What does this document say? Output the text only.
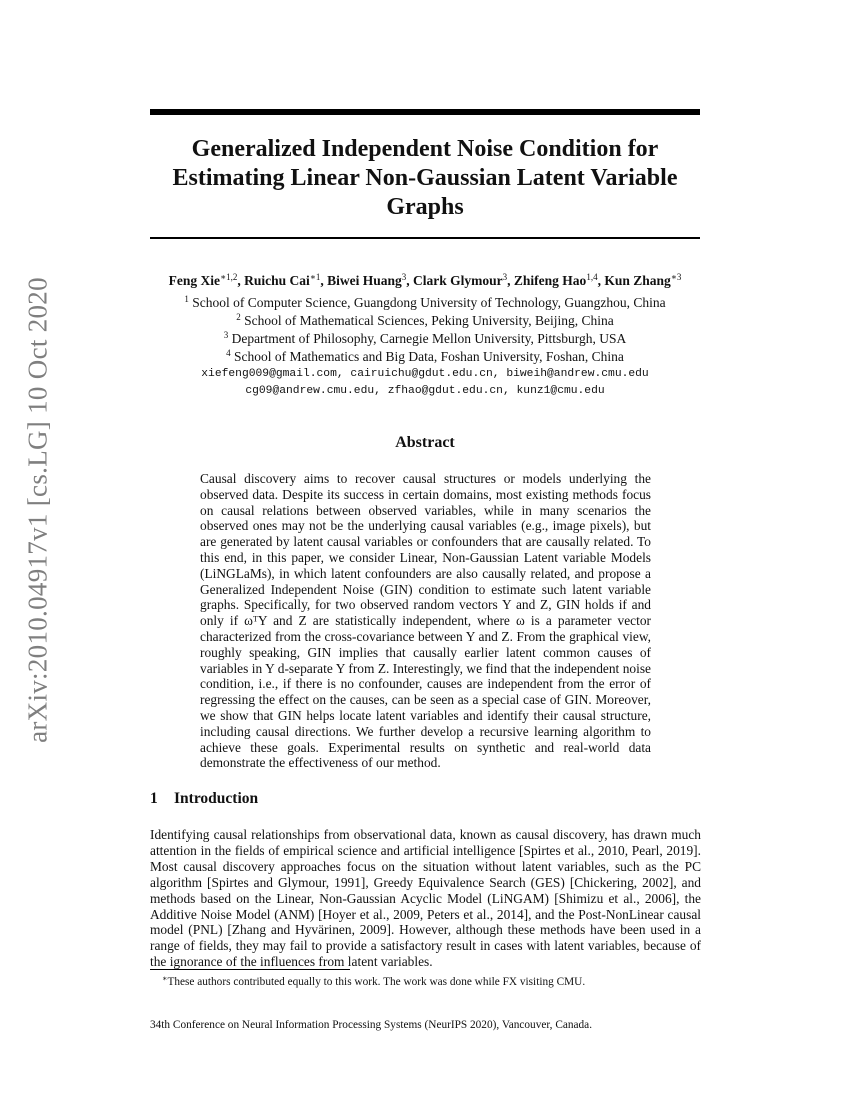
arXiv:2010.04917v1 [cs.LG] 10 Oct 2020
Generalized Independent Noise Condition for Estimating Linear Non-Gaussian Latent Variable Graphs
Feng Xie$^{∗1,2}$, Ruichu Cai$^{∗1}$, Biwei Huang$^3$, Clark Glymour$^3$, Zhifeng Hao$^{1,4}$, Kun Zhang$^{∗3}$
$^1$ School of Computer Science, Guangdong University of Technology, Guangzhou, China
$^2$ School of Mathematical Sciences, Peking University, Beijing, China
$^3$ Department of Philosophy, Carnegie Mellon University, Pittsburgh, USA
$^4$ School of Mathematics and Big Data, Foshan University, Foshan, China
xiefeng009@gmail.com, cairuichu@gdut.edu.cn, biweih@andrew.cmu.edu
cg09@andrew.cmu.edu, zfhao@gdut.edu.cn, kunz1@cmu.edu
Abstract
Causal discovery aims to recover causal structures or models underlying the observed data. Despite its success in certain domains, most existing methods focus on causal relations between observed variables, while in many scenarios the observed ones may not be the underlying causal variables (e.g., image pixels), but are generated by latent causal variables or confounders that are causally related. To this end, in this paper, we consider Linear, Non-Gaussian Latent variable Models (LiNGLaMs), in which latent confounders are also causally related, and propose a Generalized Independent Noise (GIN) condition to estimate such latent variable graphs. Specifically, for two observed random vectors Y and Z, GIN holds if and only if ωᵀY and Z are statistically independent, where ω is a parameter vector characterized from the cross-covariance between Y and Z. From the graphical view, roughly speaking, GIN implies that causally earlier latent common causes of variables in Y d-separate Y from Z. Interestingly, we find that the independent noise condition, i.e., if there is no confounder, causes are independent from the error of regressing the effect on the causes, can be seen as a special case of GIN. Moreover, we show that GIN helps locate latent variables and identify their causal structure, including causal directions. We further develop a recursive learning algorithm to achieve these goals. Experimental results on synthetic and real-world data demonstrate the effectiveness of our method.
1 Introduction
Identifying causal relationships from observational data, known as causal discovery, has drawn much attention in the fields of empirical science and artificial intelligence [Spirtes et al., 2010, Pearl, 2019]. Most causal discovery approaches focus on the situation without latent variables, such as the PC algorithm [Spirtes and Glymour, 1991], Greedy Equivalence Search (GES) [Chickering, 2002], and methods based on the Linear, Non-Gaussian Acyclic Model (LiNGAM) [Shimizu et al., 2006], the Additive Noise Model (ANM) [Hoyer et al., 2009, Peters et al., 2014], and the Post-NonLinear causal model (PNL) [Zhang and Hyvärinen, 2009]. However, although these methods have been used in a range of fields, they may fail to provide a satisfactory result in cases with latent variables, because of the ignorance of the influences from latent variables.
∗These authors contributed equally to this work. The work was done while FX visiting CMU.
34th Conference on Neural Information Processing Systems (NeurIPS 2020), Vancouver, Canada.
